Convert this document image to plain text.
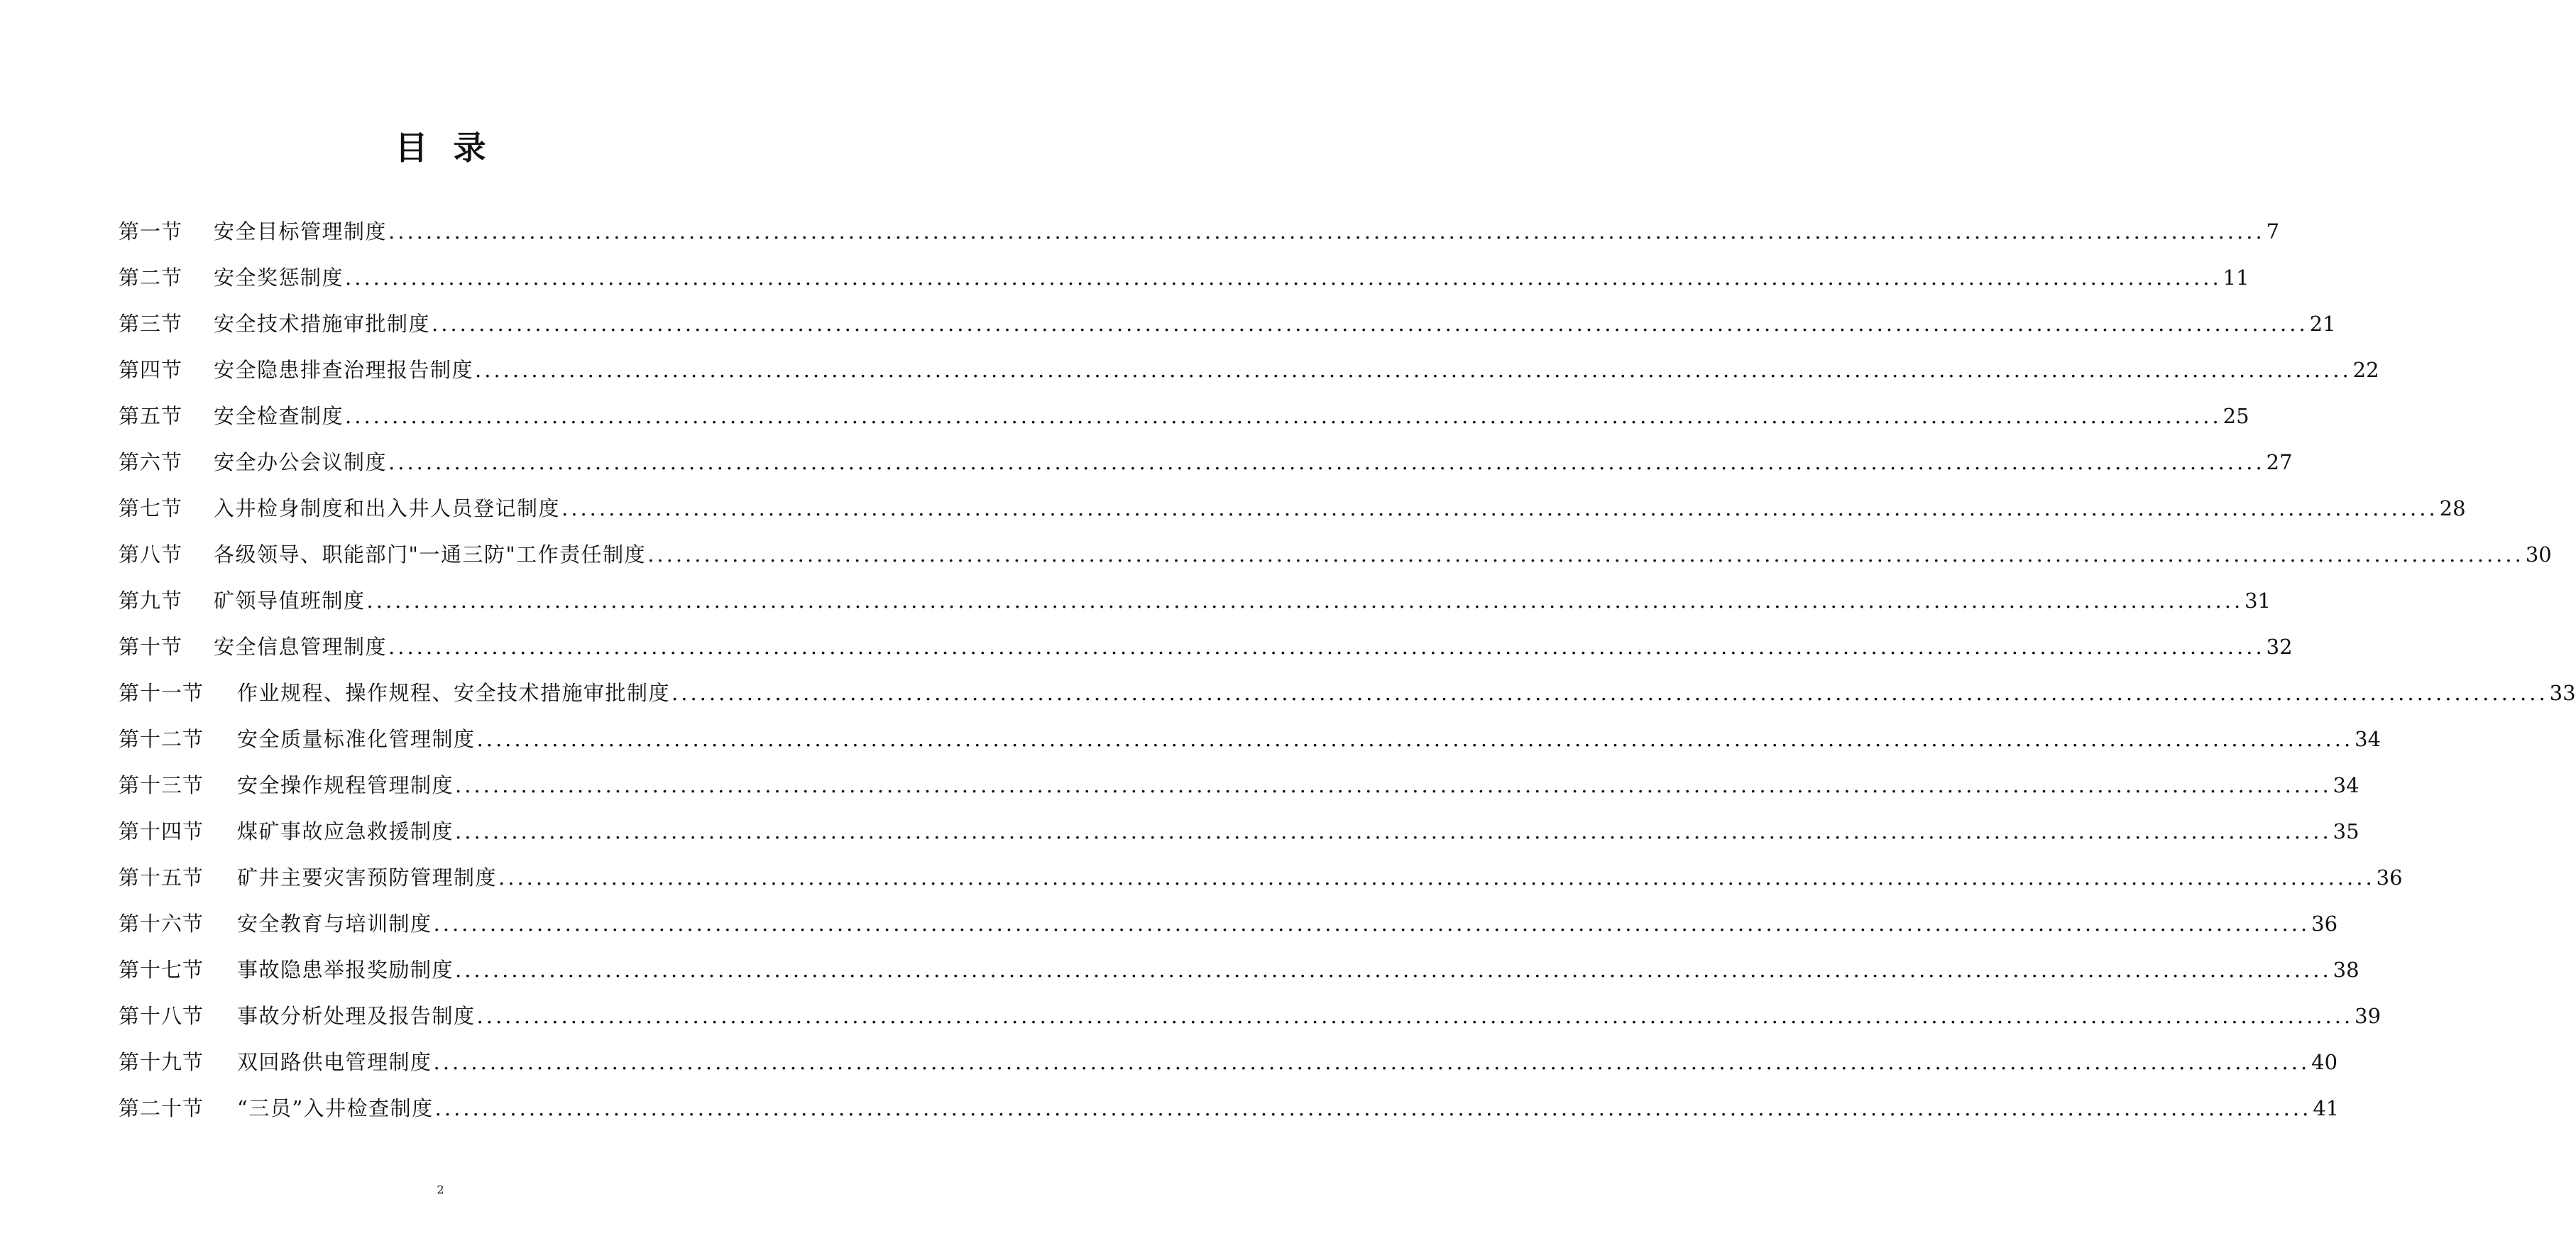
目录
第一节	安全目标管理制度 ........................................................................................................................................................................................................ 7
第二节	安全奖惩制度 ........................................................................................................................................................................................................ 11
第三节	安全技术措施审批制度 ........................................................................................................................................................................................................ 21
第四节	安全隐患排查治理报告制度 ........................................................................................................................................................................................................ 22
第五节	安全检查制度 ........................................................................................................................................................................................................ 25
第六节	安全办公会议制度 ........................................................................................................................................................................................................ 27
第七节	入井检身制度和出入井人员登记制度 ........................................................................................................................................................................................................ 28
第八节	各级领导、职能部门"一通三防"工作责任制度 ........................................................................................................................................................................................................ 30
第九节	矿领导值班制度 ........................................................................................................................................................................................................ 31
第十节	安全信息管理制度 ........................................................................................................................................................................................................ 32
第十一节	作业规程、操作规程、安全技术措施审批制度 ........................................................................................................................................................................................................ 33
第十二节	安全质量标准化管理制度 ........................................................................................................................................................................................................ 34
第十三节	安全操作规程管理制度 ........................................................................................................................................................................................................ 34
第十四节	煤矿事故应急救援制度 ........................................................................................................................................................................................................ 35
第十五节	矿井主要灾害预防管理制度 ........................................................................................................................................................................................................ 36
第十六节	安全教育与培训制度 ........................................................................................................................................................................................................ 36
第十七节	事故隐患举报奖励制度 ........................................................................................................................................................................................................ 38
第十八节	事故分析处理及报告制度 ........................................................................................................................................................................................................ 39
第十九节	双回路供电管理制度 ........................................................................................................................................................................................................ 40
第二十节	“三员”入井检查制度 ........................................................................................................................................................................................................ 41
2
